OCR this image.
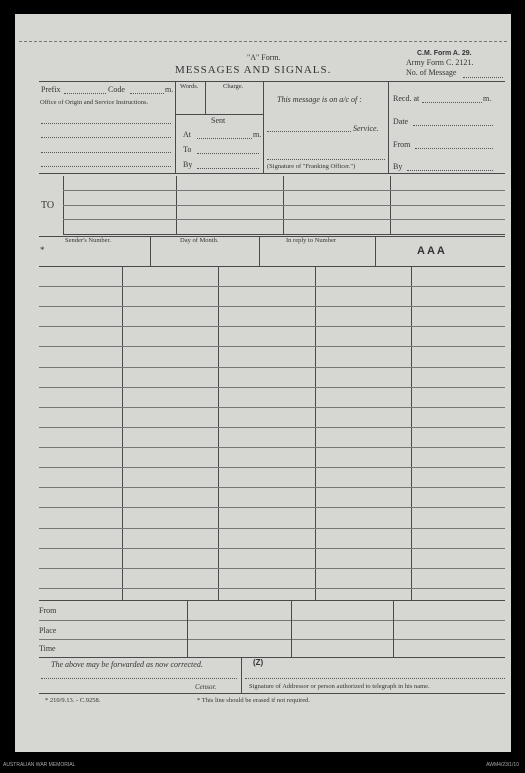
"A" Form.
MESSAGES AND SIGNALS.
C.M. Form A. 29.
Army Form C. 2121.
No. of Message
Prefix	Code	m.
Office of Origin and Service Instructions.
Words.	Charge.
Sent
At	m.
To
By
This message is on a/c of :
Service.
(Signature of "Franking Officer.")
Recd. at	m.
Date
From
By
TO
*
Sender's Number.	Day of Month.	In reply to Number
AAA
From
Place
Time
The above may be forwarded as now corrected.	(Z)
Censor.	Signature of Addressor or person authorized to telegraph in his name.
* 210/9.13. - C.9258.	* This line should be erased if not required.
AUSTRALIAN WAR MEMORIAL	AWM4/23/1/10
